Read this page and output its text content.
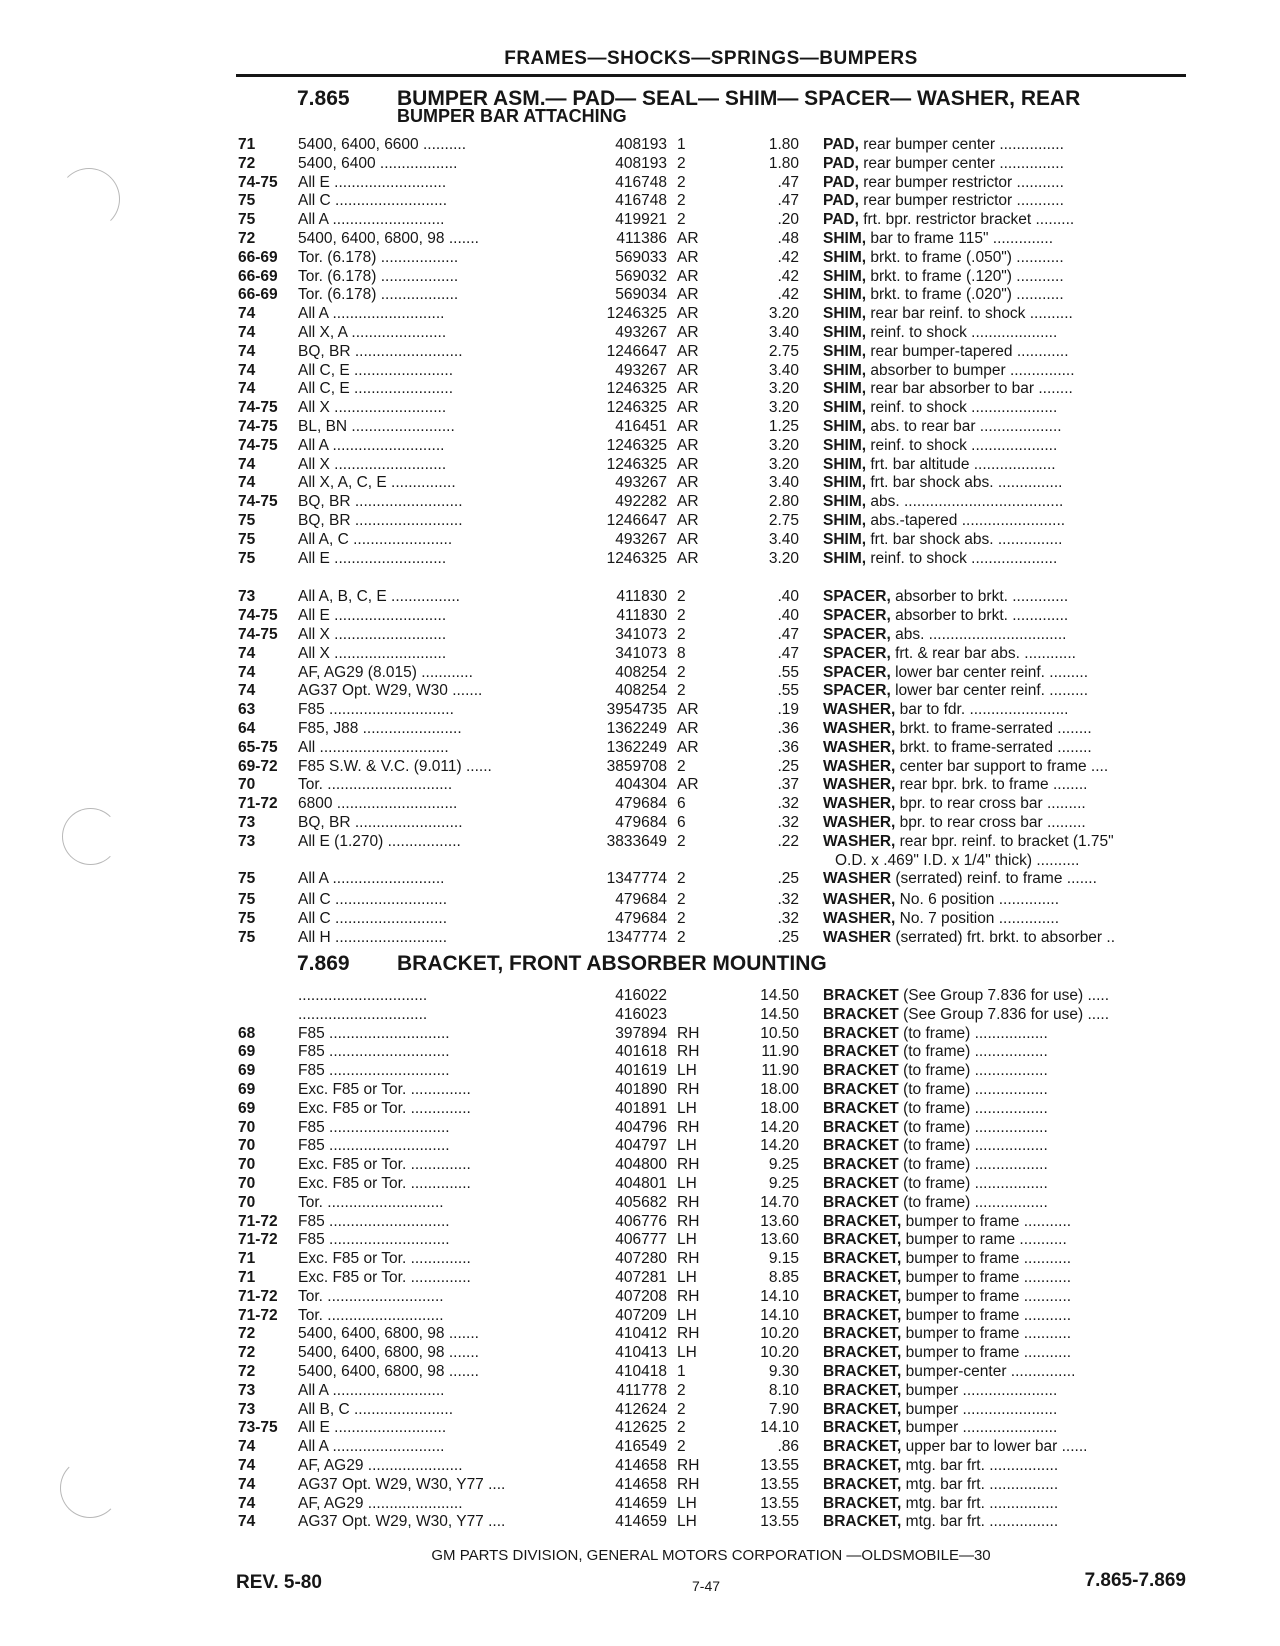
FRAMES—SHOCKS—SPRINGS—BUMPERS
7.865 BUMPER ASM.— PAD— SEAL— SHIM— SPACER— WASHER, REAR
BUMPER BAR ATTACHING
7.869 BRACKET, FRONT ABSORBER MOUNTING
71	5400, 6400, 6600 ..........	408193 1	1.80 PAD, rear bumper center ...............
72	5400, 6400 ..................	408193 2	1.80 PAD, rear bumper center ...............
74-75	All E ..........................	416748 2	.47 PAD, rear bumper restrictor ...........
75	All C ..........................	416748 2	.47 PAD, rear bumper restrictor ...........
75	All A ..........................	419921 2	.20 PAD, frt. bpr. restrictor bracket .........
72	5400, 6400, 6800, 98 .......	411386 AR	.48 SHIM, bar to frame 115" ..............
66-69	Tor. (6.178) ..................	569033 AR	.42 SHIM, brkt. to frame (.050") ...........
66-69	Tor. (6.178) ..................	569032 AR	.42 SHIM, brkt. to frame (.120") ...........
66-69	Tor. (6.178) ..................	569034 AR	.42 SHIM, brkt. to frame (.020") ...........
74	All A ..........................	1246325 AR	3.20 SHIM, rear bar reinf. to shock ..........
74	All X, A ......................	493267 AR	3.40 SHIM, reinf. to shock ....................
74	BQ, BR .........................	1246647 AR	2.75 SHIM, rear bumper-tapered ............
74	All C, E .......................	493267 AR	3.40 SHIM, absorber to bumper ...............
74	All C, E .......................	1246325 AR	3.20 SHIM, rear bar absorber to bar ........
74-75	All X ..........................	1246325 AR	3.20 SHIM, reinf. to shock ....................
74-75	BL, BN ........................	416451 AR	1.25 SHIM, abs. to rear bar ...................
74-75	All A ..........................	1246325 AR	3.20 SHIM, reinf. to shock ....................
74	All X ..........................	1246325 AR	3.20 SHIM, frt. bar altitude ...................
74	All X, A, C, E ...............	493267 AR	3.40 SHIM, frt. bar shock abs. ...............
74-75	BQ, BR .........................	492282 AR	2.80 SHIM, abs. .....................................
75	BQ, BR .........................	1246647 AR	2.75 SHIM, abs.-tapered ........................
75	All A, C .......................	493267 AR	3.40 SHIM, frt. bar shock abs. ...............
75	All E ..........................	1246325 AR	3.20 SHIM, reinf. to shock ....................
73	All A, B, C, E ................	411830 2	.40 SPACER, absorber to brkt. .............
74-75	All E ..........................	411830 2	.40 SPACER, absorber to brkt. .............
74-75	All X ..........................	341073 2	.47 SPACER, abs. ................................
74	All X ..........................	341073 8	.47 SPACER, frt. & rear bar abs. ............
74	AF, AG29 (8.015) ............	408254 2	.55 SPACER, lower bar center reinf. .........
74	AG37 Opt. W29, W30 .......	408254 2	.55 SPACER, lower bar center reinf. .........
63	F85 .............................	3954735 AR	.19 WASHER, bar to fdr. .......................
64	F85, J88 .......................	1362249 AR	.36 WASHER, brkt. to frame-serrated ........
65-75	All ..............................	1362249 AR	.36 WASHER, brkt. to frame-serrated ........
69-72	F85 S.W. & V.C. (9.011) ......	3859708 2	.25 WASHER, center bar support to frame ....
70	Tor. .............................	404304 AR	.37 WASHER, rear bpr. brk. to frame ........
71-72	6800 ............................	479684 6	.32 WASHER, bpr. to rear cross bar .........
73	BQ, BR .........................	479684 6	.32 WASHER, bpr. to rear cross bar .........
73	All E (1.270) .................	3833649 2	.22 WASHER, rear bpr. reinf. to bracket (1.75"
O.D. x .469" I.D. x 1/4" thick) ..........
75	All A ..........................	1347774 2	.25 WASHER (serrated) reinf. to frame .......
75	All C ..........................	479684 2	.32 WASHER, No. 6 position ..............
75	All C ..........................	479684 2	.32 WASHER, No. 7 position ..............
75	All H ..........................	1347774 2	.25 WASHER (serrated) frt. brkt. to absorber ..
..............................	416022	14.50 BRACKET (See Group 7.836 for use) .....
..............................	416023	14.50 BRACKET (See Group 7.836 for use) .....
68	F85 ............................	397894 RH	10.50 BRACKET (to frame) .................
69	F85 ............................	401618 RH	11.90 BRACKET (to frame) .................
69	F85 ............................	401619 LH	11.90 BRACKET (to frame) .................
69	Exc. F85 or Tor. ..............	401890 RH	18.00 BRACKET (to frame) .................
69	Exc. F85 or Tor. ..............	401891 LH	18.00 BRACKET (to frame) .................
70	F85 ............................	404796 RH	14.20 BRACKET (to frame) .................
70	F85 ............................	404797 LH	14.20 BRACKET (to frame) .................
70	Exc. F85 or Tor. ..............	404800 RH	9.25 BRACKET (to frame) .................
70	Exc. F85 or Tor. ..............	404801 LH	9.25 BRACKET (to frame) .................
70	Tor. ...........................	405682 RH	14.70 BRACKET (to frame) .................
71-72	F85 ............................	406776 RH	13.60 BRACKET, bumper to frame ...........
71-72	F85 ............................	406777 LH	13.60 BRACKET, bumper to rame ...........
71	Exc. F85 or Tor. ..............	407280 RH	9.15 BRACKET, bumper to frame ...........
71	Exc. F85 or Tor. ..............	407281 LH	8.85 BRACKET, bumper to frame ...........
71-72	Tor. ...........................	407208 RH	14.10 BRACKET, bumper to frame ...........
71-72	Tor. ...........................	407209 LH	14.10 BRACKET, bumper to frame ...........
72	5400, 6400, 6800, 98 .......	410412 RH	10.20 BRACKET, bumper to frame ...........
72	5400, 6400, 6800, 98 .......	410413 LH	10.20 BRACKET, bumper to frame ...........
72	5400, 6400, 6800, 98 .......	410418 1	9.30 BRACKET, bumper-center ...............
73	All A ..........................	411778 2	8.10 BRACKET, bumper ......................
73	All B, C .......................	412624 2	7.90 BRACKET, bumper ......................
73-75	All E ..........................	412625 2	14.10 BRACKET, bumper ......................
74	All A ..........................	416549 2	.86 BRACKET, upper bar to lower bar ......
74	AF, AG29 ......................	414658 RH	13.55 BRACKET, mtg. bar frt. ................
74	AG37 Opt. W29, W30, Y77 ....	414658 RH	13.55 BRACKET, mtg. bar frt. ................
74	AF, AG29 ......................	414659 LH	13.55 BRACKET, mtg. bar frt. ................
74	AG37 Opt. W29, W30, Y77 ....	414659 LH	13.55 BRACKET, mtg. bar frt. ................
GM PARTS DIVISION, GENERAL MOTORS CORPORATION —OLDSMOBILE—30
REV. 5-80	7-47	7.865-7.869
